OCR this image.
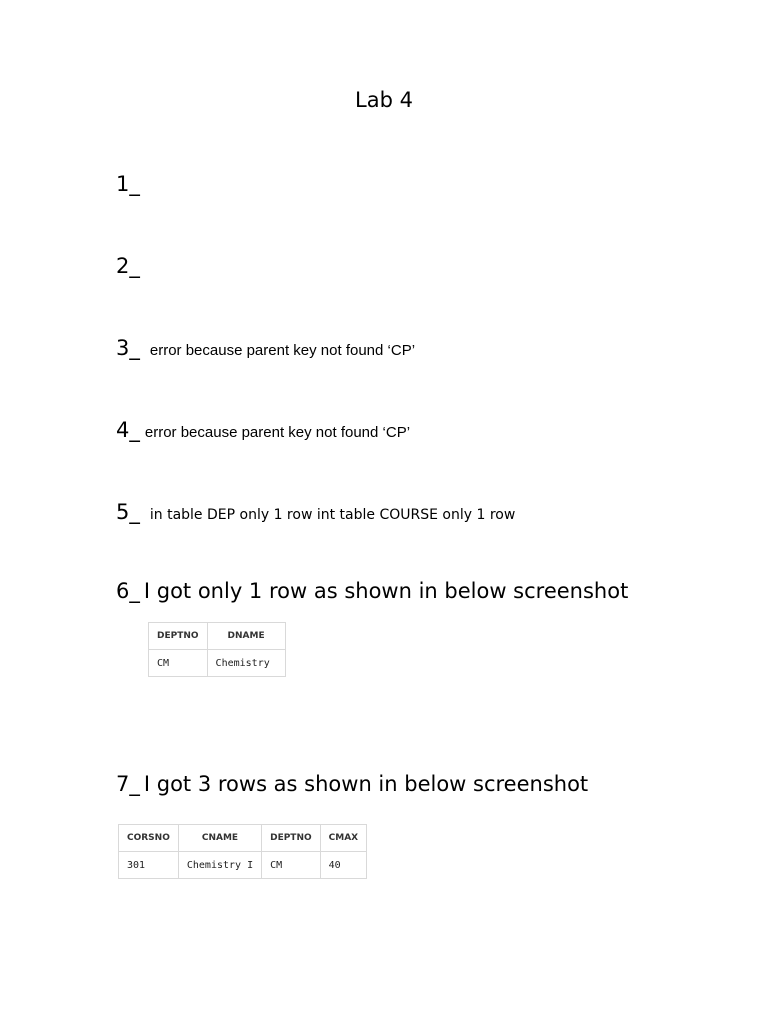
Lab 4
1_
2_
3_ error because parent key not found ‘CP’
4_ error because parent key not found ‘CP’
5_ in table DEP only 1 row int table COURSE only 1 row
6_ I got only 1 row as shown in below screenshot
DEPTNO	DNAME
CM	Chemistry
7_ I got 3 rows as shown in below screenshot
CORSNO	CNAME	DEPTNO	CMAX
301	Chemistry I	CM	40
